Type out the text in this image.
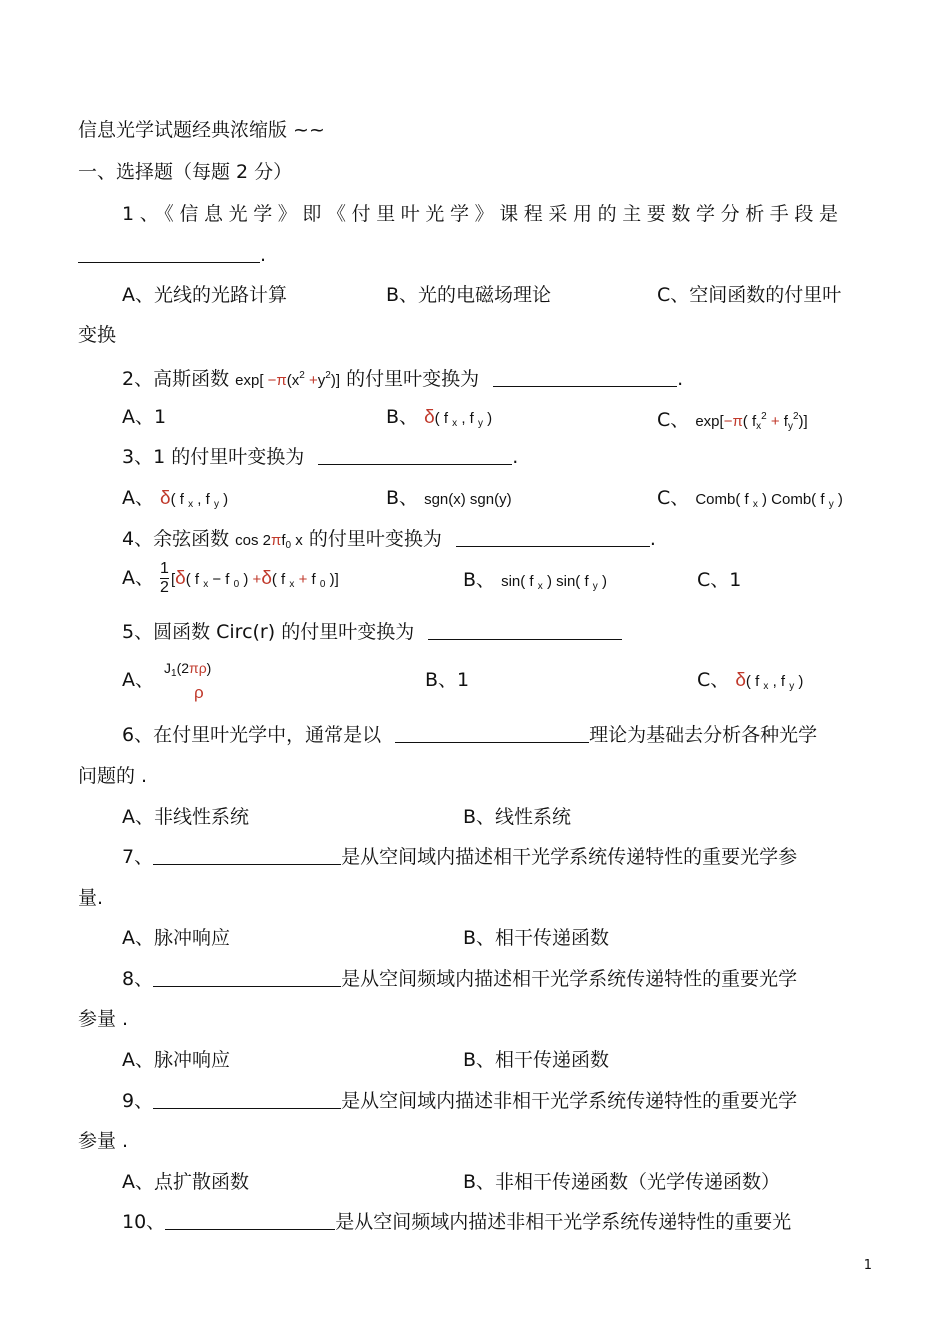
信息光学试题经典浓缩版 ~~
一、选择题（每题 2 分）
1、《信息光学》即《付里叶光学》课程采用的主要数学分析手段是
.
A、光线的光路计算	B、光的电磁场理论	C、空间函数的付里叶
变换
2、高斯函数 $\exp[ -\pi(x^2 +y^2)]$ 的付里叶变换为	.
A、1	B、 δ( f $_x$ , f $_y$ )	C、 exp[−π( $f_x^2 + f_y^2$)]
3、1 的付里叶变换为	.
A、 δ( f $_x$ , f $_y$ )	B、 sgn(x) sgn(y)	C、 Comb( f $_x$ ) Comb( f $_y$ )
4、余弦函数 $\cos 2\pi f_0$ x 的付里叶变换为	.
A、 $\frac{1}{2} [\delta$( f $_x$ − f $_0$ ) +δ( f $_x$ + f $_0$ )]	B、 sin( f $_x$ ) sin( f $_y$ )	C、1
5、圆函数 Circ(r) 的付里叶变换为
A、
$J_1(2\pi\rho)$
ρ
B、1	C、 δ( f $_x$ , f $_y$ )
6、在付里叶光学中，通常是以	理论为基础去分析各种光学
问题的 .
A、非线性系统	B、线性系统
7、	是从空间域内描述相干光学系统传递特性的重要光学参
量.
A、脉冲响应	B、相干传递函数
8、	是从空间频域内描述相干光学系统传递特性的重要光学
参量 .
A、脉冲响应	B、相干传递函数
9、	是从空间域内描述非相干光学系统传递特性的重要光学
参量 .
A、点扩散函数	B、非相干传递函数（光学传递函数）
10、	是从空间频域内描述非相干光学系统传递特性的重要光
1
